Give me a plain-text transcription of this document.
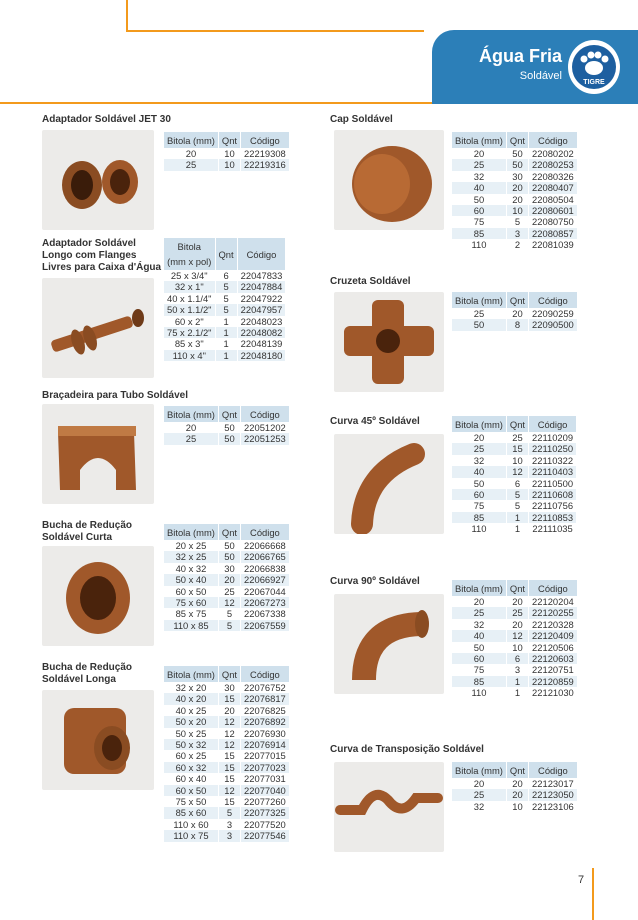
Água Fria
Soldável
TIGRE
Adaptador Soldável JET 30
Bitola (mm)	Qnt	Código
20	10	22219308
25	10	22219316
Adaptador Soldável
Longo com Flanges
Livres para Caixa d'Água
Bitola
(mm x pol)	Qnt	Código
25 x 3/4"	6	22047833
32 x 1"	5	22047884
40 x 1.1/4"	5	22047922
50 x 1.1/2"	5	22047957
60 x 2"	1	22048023
75 x 2.1/2"	1	22048082
85 x 3"	1	22048139
110 x 4"	1	22048180
Braçadeira para Tubo Soldável
Bitola (mm)	Qnt	Código
20	50	22051202
25	50	22051253
Bucha de Redução
Soldável Curta	Bitola (mm)	Qnt	Código
20 x 25	50	22066668
32 x 25	50	22066765
40 x 32	30	22066838
50 x 40	20	22066927
60 x 50	25	22067044
75 x 60	12	22067273
85 x 75	5	22067338
110 x 85	5	22067559
Bucha de Redução
Soldável Longa	Bitola (mm)	Qnt	Código
32 x 20	30	22076752
40 x 20	15	22076817
40 x 25	20	22076825
50 x 20	12	22076892
50 x 25	12	22076930
50 x 32	12	22076914
60 x 25	15	22077015
60 x 32	15	22077023
60 x 40	15	22077031
60 x 50	12	22077040
75 x 50	15	22077260
85 x 60	5	22077325
110 x 60	3	22077520
110 x 75	3	22077546
Cap Soldável
Bitola (mm)	Qnt	Código
20	50	22080202
25	50	22080253
32	30	22080326
40	20	22080407
50	20	22080504
60	10	22080601
75	5	22080750
85	3	22080857
110	2	22081039
Cruzeta Soldável
Bitola (mm)	Qnt	Código
25	20	22090259
50	8	22090500
Curva 45º Soldável	Bitola (mm)	Qnt	Código
20	25	22110209
25	15	22110250
32	10	22110322
40	12	22110403
50	6	22110500
60	5	22110608
75	5	22110756
85	1	22110853
110	1	22111035
Curva 90º Soldável
Bitola (mm)	Qnt	Código
20	20	22120204
25	25	22120255
32	20	22120328
40	12	22120409
50	10	22120506
60	6	22120603
75	3	22120751
85	1	22120859
110	1	22121030
Curva de Transposição Soldável
Bitola (mm)	Qnt	Código
20	20	22123017
25	20	22123050
32	10	22123106
7
